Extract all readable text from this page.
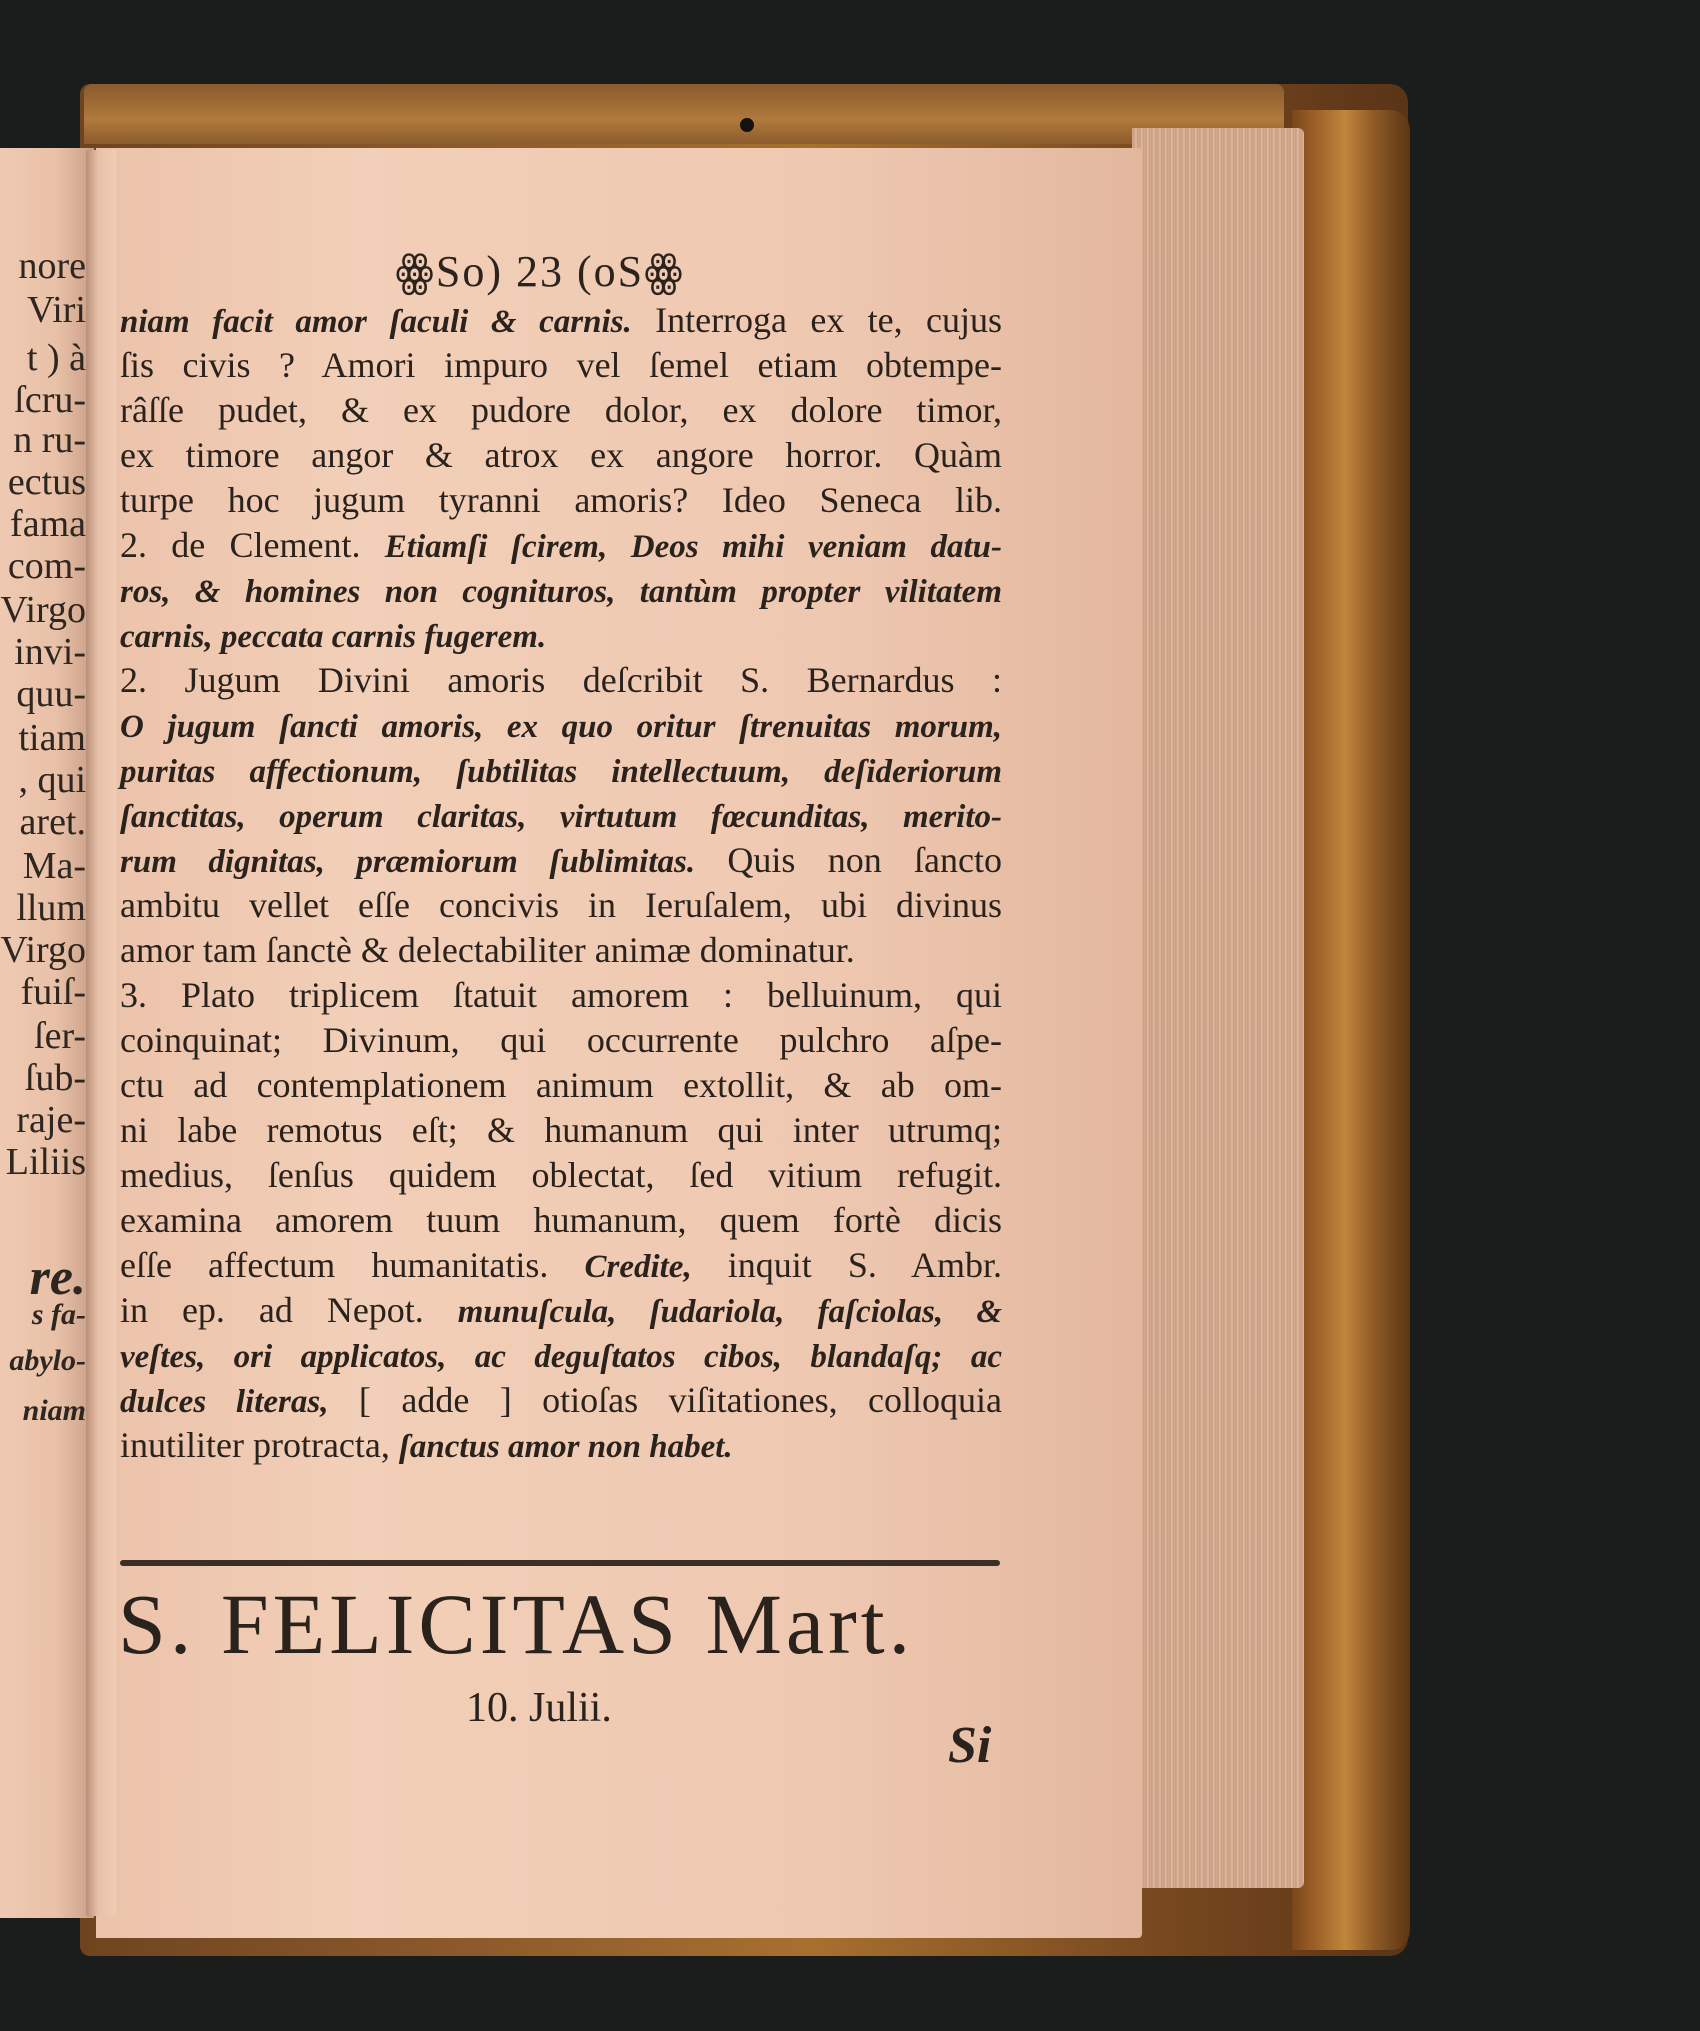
nore
Viri
t ) à
ſcru-
n ru-
ectus
fama
com-
Virgo
invi-
quu-
tiam
, qui
aret.
Ma-
llum
Virgo
fuiſ-
ſer-
ſub-
raje-
Liliis
re.
s fa-
abylo-
niam
ꙮSo) 23 (oSꙮ
niam facit amor ſaculi & carnis. Interroga ex te, cujus
ſis civis ? Amori impuro vel ſemel etiam obtempe-
râſſe pudet, & ex pudore dolor, ex dolore timor,
ex timore angor & atrox ex angore horror. Quàm
turpe hoc jugum tyranni amoris? Ideo Seneca lib.
2. de Clement. Etiamſi ſcirem, Deos mihi veniam datu-
ros, & homines non cognituros, tantùm propter vilitatem
carnis, peccata carnis fugerem.
2. Jugum Divini amoris deſcribit S. Bernardus :
O jugum ſancti amoris, ex quo oritur ſtrenuitas morum,
puritas affectionum, ſubtilitas intellectuum, deſideriorum
ſanctitas, operum claritas, virtutum fœcunditas, merito-
rum dignitas, præmiorum ſublimitas. Quis non ſancto
ambitu vellet eſſe concivis in Ieruſalem, ubi divinus
amor tam ſanctè & delectabiliter animæ dominatur.
3. Plato triplicem ſtatuit amorem : belluinum, qui
coinquinat; Divinum, qui occurrente pulchro aſpe-
ctu ad contemplationem animum extollit, & ab om-
ni labe remotus eſt; & humanum qui inter utrumq;
medius, ſenſus quidem oblectat, ſed vitium refugit.
examina amorem tuum humanum, quem fortè dicis
eſſe affectum humanitatis. Credite, inquit S. Ambr.
in ep. ad Nepot. munuſcula, ſudariola, faſciolas, &
veſtes, ori applicatos, ac deguſtatos cibos, blandaſq; ac
dulces literas, [ adde ] otioſas viſitationes, colloquia
inutiliter protracta, ſanctus amor non habet.
S. FELICITAS Mart.
10. Julii.
Si
